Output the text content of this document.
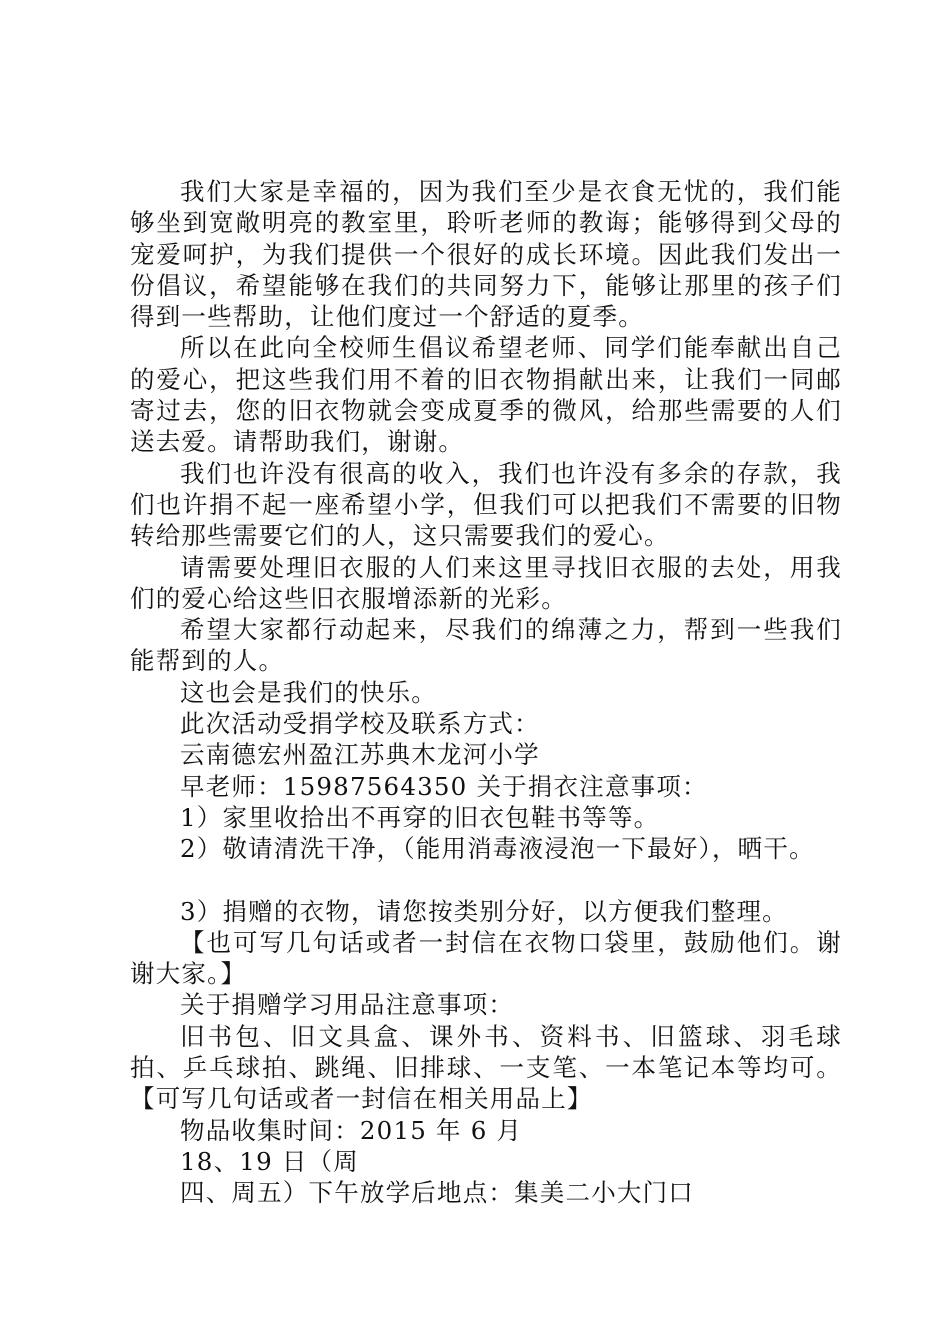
我们大家是幸福的，因为我们至少是衣食无忧的，我们能够坐到宽敞明亮的教室里，聆听老师的教诲；能够得到父母的宠爱呵护，为我们提供一个很好的成长环境。因此我们发出一份倡议，希望能够在我们的共同努力下，能够让那里的孩子们得到一些帮助，让他们度过一个舒适的夏季。

所以在此向全校师生倡议希望老师、同学们能奉献出自己的爱心，把这些我们用不着的旧衣物捐献出来，让我们一同邮寄过去，您的旧衣物就会变成夏季的微风，给那些需要的人们送去爱。请帮助我们，谢谢。

我们也许没有很高的收入，我们也许没有多余的存款，我们也许捐不起一座希望小学，但我们可以把我们不需要的旧物转给那些需要它们的人，这只需要我们的爱心。

请需要处理旧衣服的人们来这里寻找旧衣服的去处，用我们的爱心给这些旧衣服增添新的光彩。

希望大家都行动起来，尽我们的绵薄之力，帮到一些我们能帮到的人。

这也会是我们的快乐。

此次活动受捐学校及联系方式：

云南德宏州盈江苏典木龙河小学

早老师：15987564350 关于捐衣注意事项：

1）家里收拾出不再穿的旧衣包鞋书等等。

2）敬请清洗干净，（能用消毒液浸泡一下最好），晒干。

3）捐赠的衣物，请您按类别分好，以方便我们整理。

【也可写几句话或者一封信在衣物口袋里，鼓励他们。谢谢大家。】

关于捐赠学习用品注意事项：

旧书包、旧文具盒、课外书、资料书、旧篮球、羽毛球拍、乒乓球拍、跳绳、旧排球、一支笔、一本笔记本等均可。【可写几句话或者一封信在相关用品上】

物品收集时间：2015 年 6 月

18、19 日（周

四、周五）下午放学后地点：集美二小大门口
